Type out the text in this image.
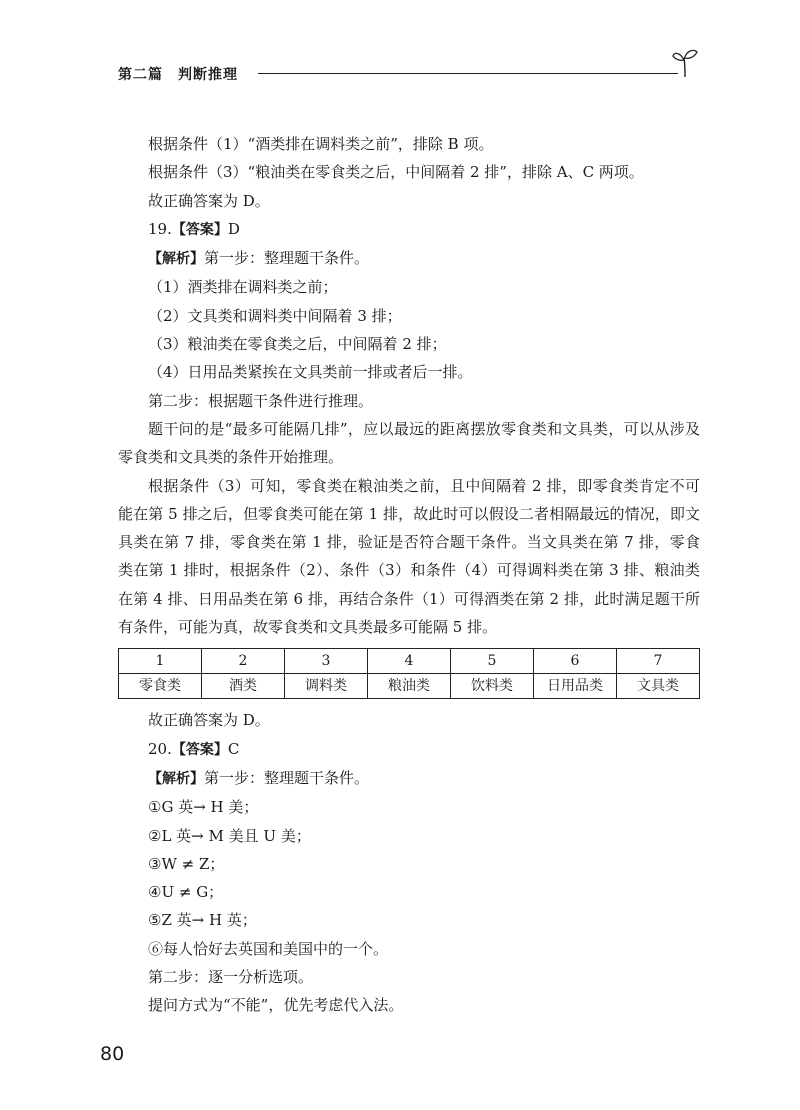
第二篇　判断推理
根据条件（1）“酒类排在调料类之前”，排除 B 项。
根据条件（3）“粮油类在零食类之后，中间隔着 2 排”，排除 A、C 两项。
故正确答案为 D。
19.【答案】D
【解析】第一步：整理题干条件。
（1）酒类排在调料类之前；
（2）文具类和调料类中间隔着 3 排；
（3）粮油类在零食类之后，中间隔着 2 排；
（4）日用品类紧挨在文具类前一排或者后一排。
第二步：根据题干条件进行推理。

题干问的是“最多可能隔几排”，应以最远的距离摆放零食类和文具类，可以从涉及零食类和文具类的条件开始推理。

根据条件（3）可知，零食类在粮油类之前，且中间隔着 2 排，即零食类肯定不可能在第 5 排之后，但零食类可能在第 1 排，故此时可以假设二者相隔最远的情况，即文具类在第 7 排，零食类在第 1 排，验证是否符合题干条件。当文具类在第 7 排，零食类在第 1 排时，根据条件（2）、条件（3）和条件（4）可得调料类在第 3 排、粮油类在第 4 排、日用品类在第 6 排，再结合条件（1）可得酒类在第 2 排，此时满足题干所有条件，可能为真，故零食类和文具类最多可能隔 5 排。

1	2	3	4	5	6	7
零食类	酒类	调料类	粮油类	饮料类	日用品类	文具类
故正确答案为 D。
20.【答案】C
【解析】第一步：整理题干条件。
①G 英→ H 美；
②L 英→ M 美且 U 美；
③W ≠ Z；
④U ≠ G；
⑤Z 英→ H 英；
⑥每人恰好去英国和美国中的一个。
第二步：逐一分析选项。
提问方式为“不能”，优先考虑代入法。
80
